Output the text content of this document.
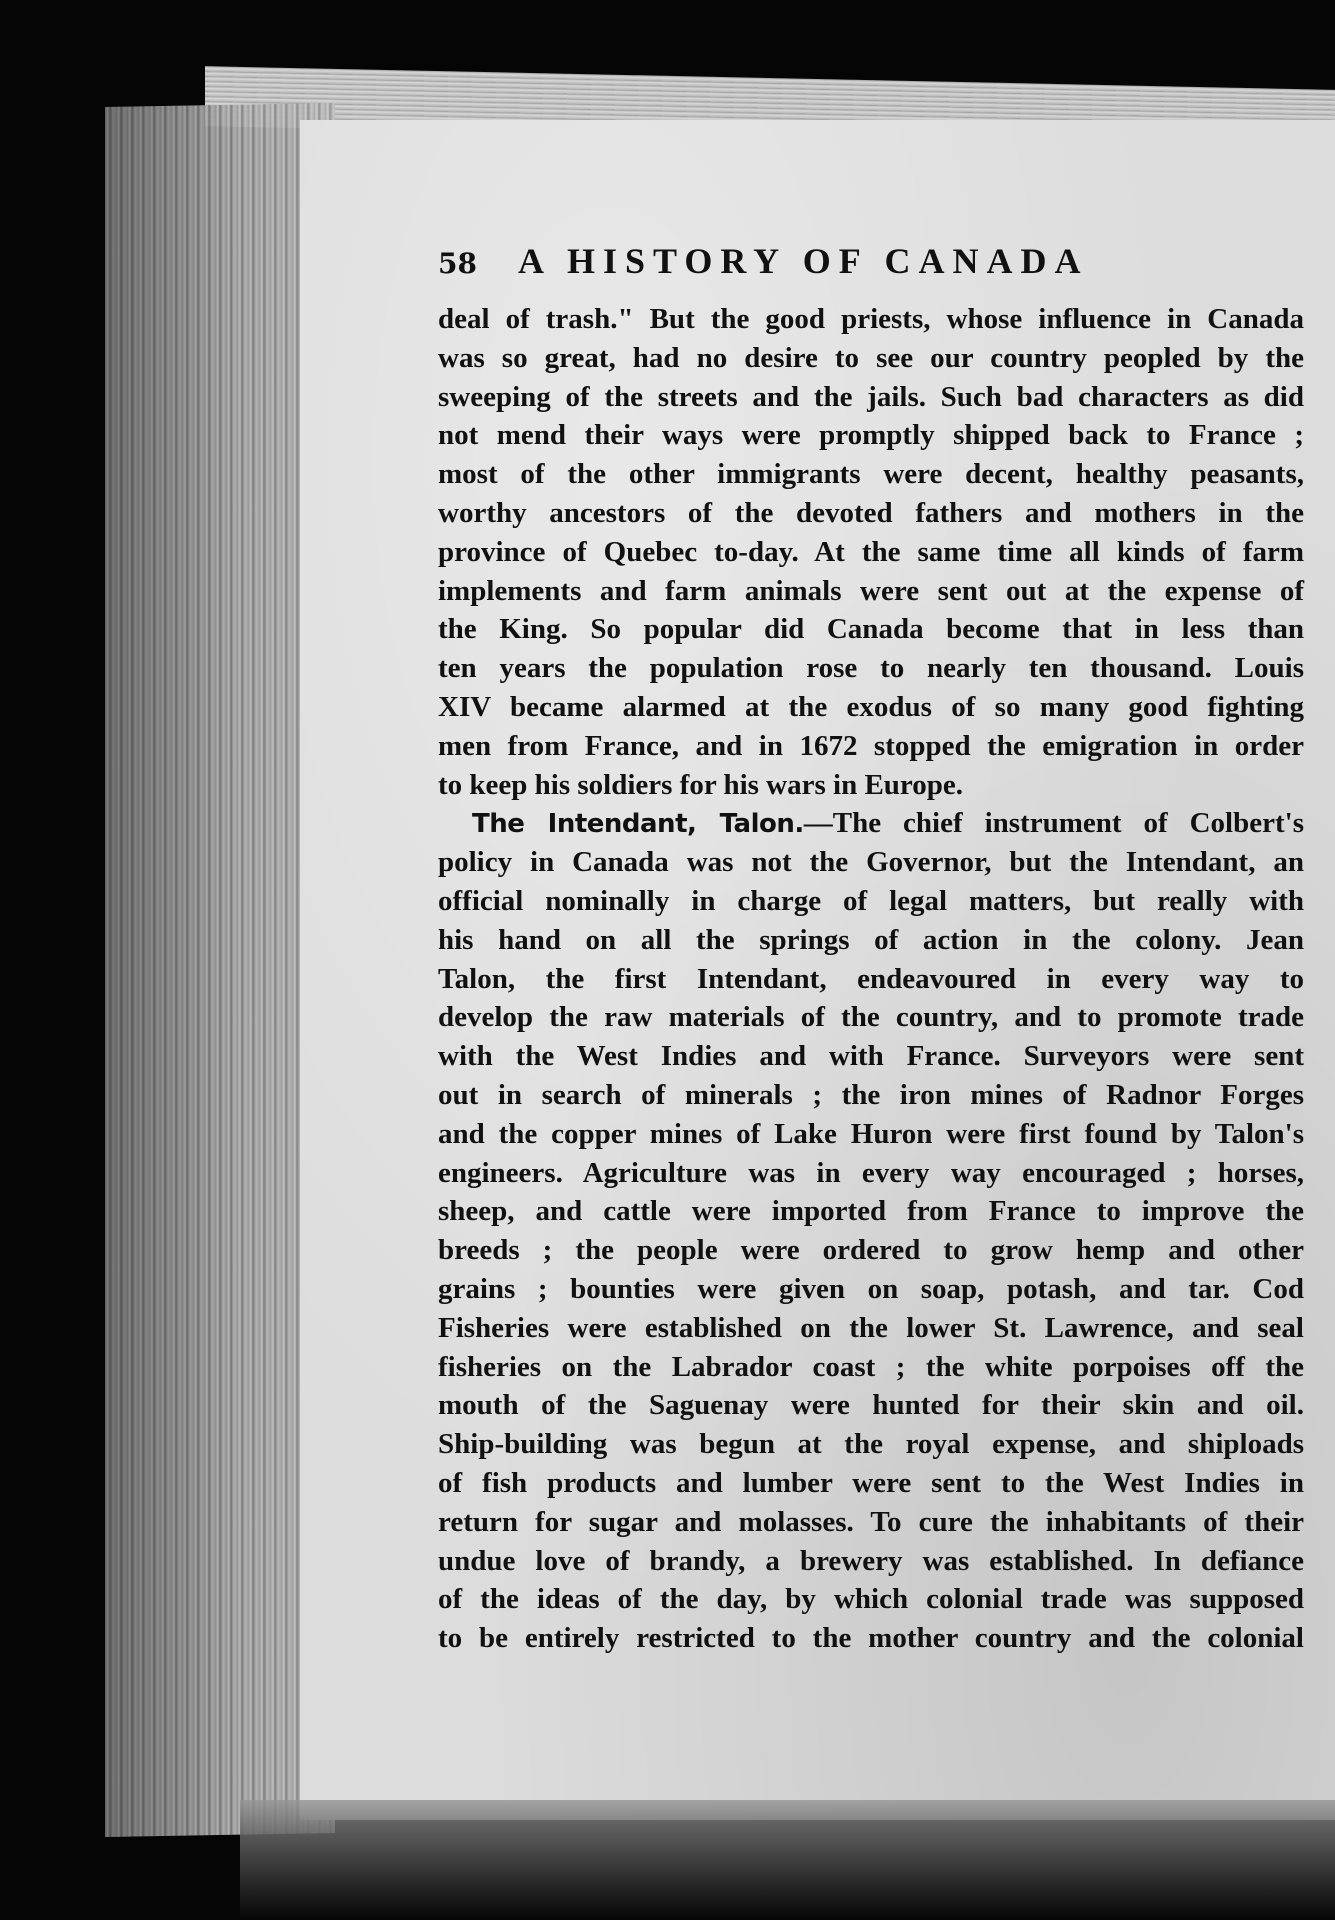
58	A HISTORY OF CANADA
deal of trash." But the good priests, whose influence in Canada
was so great, had no desire to see our country peopled by the
sweeping of the streets and the jails. Such bad characters as did
not mend their ways were promptly shipped back to France ;
most of the other immigrants were decent, healthy peasants,
worthy ancestors of the devoted fathers and mothers in the
province of Quebec to-day. At the same time all kinds of farm
implements and farm animals were sent out at the expense of
the King. So popular did Canada become that in less than
ten years the population rose to nearly ten thousand. Louis
XIV became alarmed at the exodus of so many good fighting
men from France, and in 1672 stopped the emigration in order
to keep his soldiers for his wars in Europe.
The Intendant, Talon.—The chief instrument of Colbert's
policy in Canada was not the Governor, but the Intendant, an
official nominally in charge of legal matters, but really with
his hand on all the springs of action in the colony. Jean
Talon, the first Intendant, endeavoured in every way to
develop the raw materials of the country, and to promote trade
with the West Indies and with France. Surveyors were sent
out in search of minerals ; the iron mines of Radnor Forges
and the copper mines of Lake Huron were first found by Talon's
engineers. Agriculture was in every way encouraged ; horses,
sheep, and cattle were imported from France to improve the
breeds ; the people were ordered to grow hemp and other
grains ; bounties were given on soap, potash, and tar. Cod
Fisheries were established on the lower St. Lawrence, and seal
fisheries on the Labrador coast ; the white porpoises off the
mouth of the Saguenay were hunted for their skin and oil.
Ship-building was begun at the royal expense, and shiploads
of fish products and lumber were sent to the West Indies in
return for sugar and molasses. To cure the inhabitants of their
undue love of brandy, a brewery was established. In defiance
of the ideas of the day, by which colonial trade was supposed
to be entirely restricted to the mother country and the colonial
